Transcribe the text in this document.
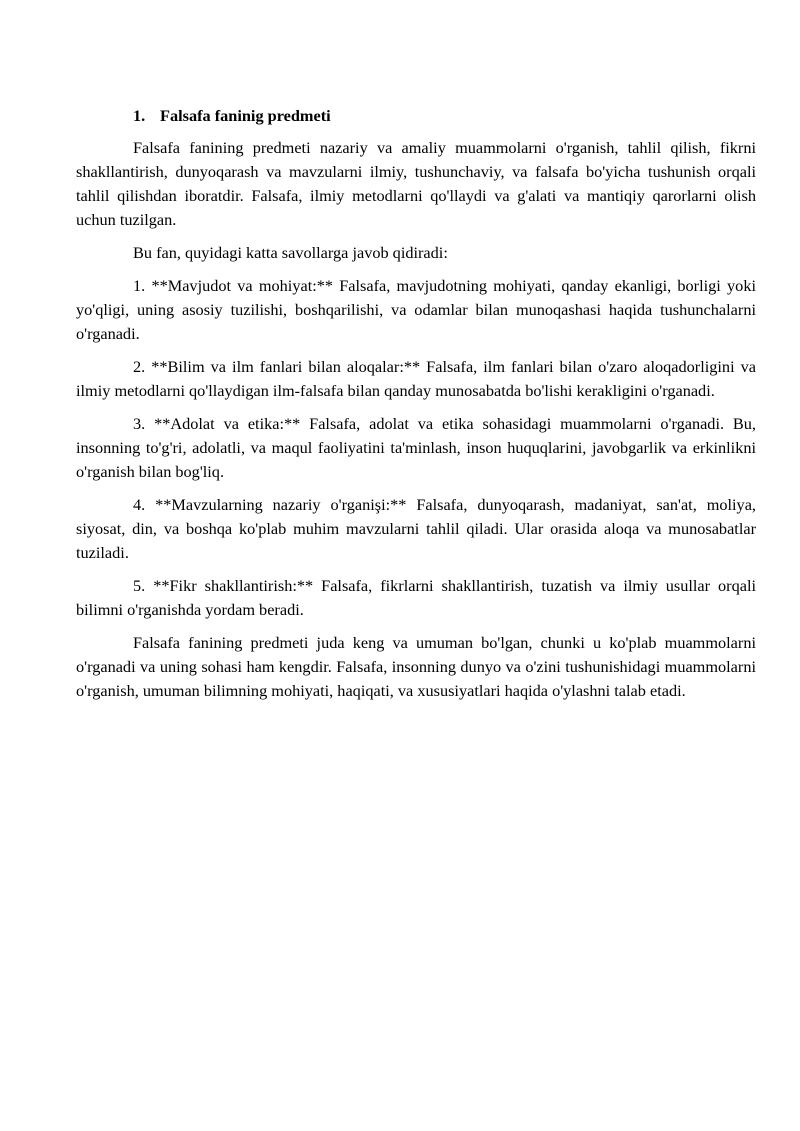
1. Falsafa faninig predmeti

Falsafa fanining predmeti nazariy va amaliy muammolarni o'rganish, tahlil qilish, fikrni shakllantirish, dunyoqarash va mavzularni ilmiy, tushunchaviy, va falsafa bo'yicha tushunish orqali tahlil qilishdan iboratdir. Falsafa, ilmiy metodlarni qo'llaydi va g'alati va mantiqiy qarorlarni olish uchun tuzilgan.

Bu fan, quyidagi katta savollarga javob qidiradi:

1. **Mavjudot va mohiyat:** Falsafa, mavjudotning mohiyati, qanday ekanligi, borligi yoki yo'qligi, uning asosiy tuzilishi, boshqarilishi, va odamlar bilan munoqashasi haqida tushunchalarni o'rganadi.

2. **Bilim va ilm fanlari bilan aloqalar:** Falsafa, ilm fanlari bilan o'zaro aloqadorligini va ilmiy metodlarni qo'llaydigan ilm-falsafa bilan qanday munosabatda bo'lishi kerakligini o'rganadi.

3. **Adolat va etika:** Falsafa, adolat va etika sohasidagi muammolarni o'rganadi. Bu, insonning to'g'ri, adolatli, va maqul faoliyatini ta'minlash, inson huquqlarini, javobgarlik va erkinlikni o'rganish bilan bog'liq.

4. **Mavzularning nazariy o'rganişi:** Falsafa, dunyoqarash, madaniyat, san'at, moliya, siyosat, din, va boshqa ko'plab muhim mavzularni tahlil qiladi. Ular orasida aloqa va munosabatlar tuziladi.

5. **Fikr shakllantirish:** Falsafa, fikrlarni shakllantirish, tuzatish va ilmiy usullar orqali bilimni o'rganishda yordam beradi.

Falsafa fanining predmeti juda keng va umuman bo'lgan, chunki u ko'plab muammolarni o'rganadi va uning sohasi ham kengdir. Falsafa, insonning dunyo va o'zini tushunishidagi muammolarni o'rganish, umuman bilimning mohiyati, haqiqati, va xususiyatlari haqida o'ylashni talab etadi.
